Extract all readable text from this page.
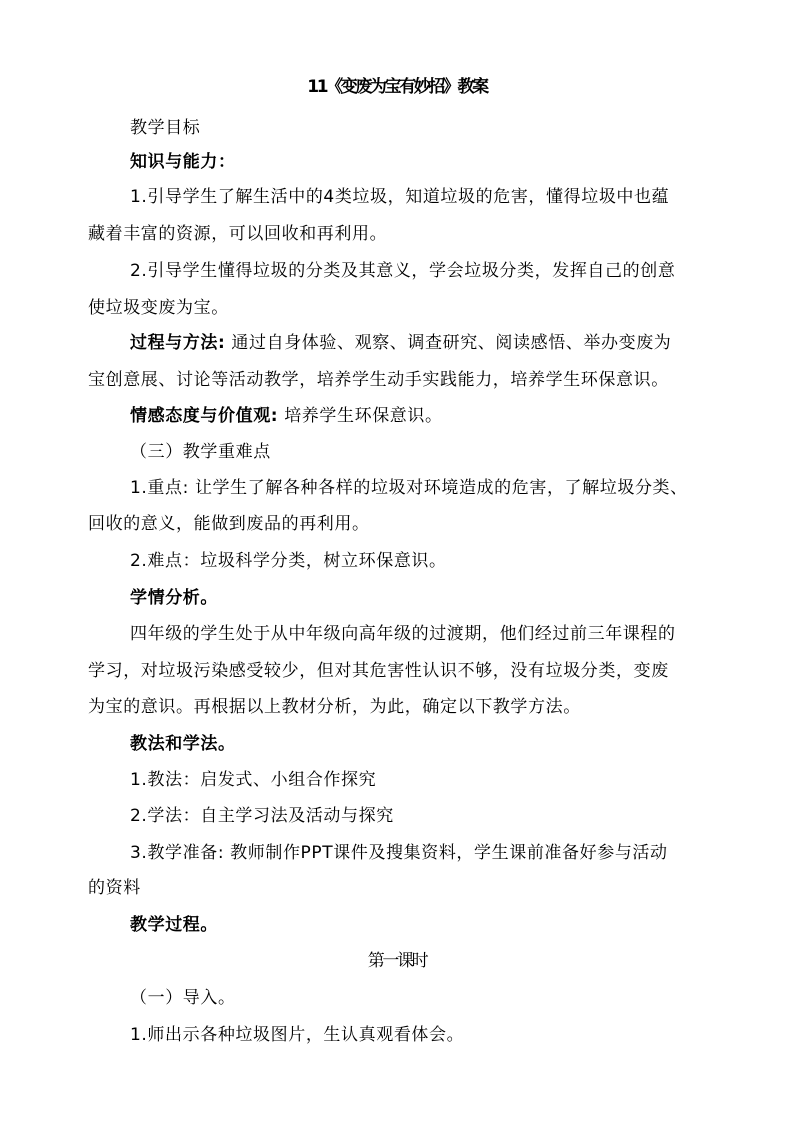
11《变废为宝有妙招》教案
教学目标
知识与能力：
1.引导学生了解生活中的4类垃圾，知道垃圾的危害，懂得垃圾中也蕴
藏着丰富的资源，可以回收和再利用。
2.引导学生懂得垃圾的分类及其意义，学会垃圾分类，发挥自己的创意
使垃圾变废为宝。
过程与方法: 通过自身体验、观察、调查研究、阅读感悟、举办变废为
宝创意展、讨论等活动教学，培养学生动手实践能力，培养学生环保意识。
情感态度与价值观: 培养学生环保意识。
（三）教学重难点
1.重点: 让学生了解各种各样的垃圾对环境造成的危害，了解垃圾分类、
回收的意义，能做到废品的再利用。
2.难点：垃圾科学分类，树立环保意识。
学情分析。
四年级的学生处于从中年级向高年级的过渡期，他们经过前三年课程的
学习，对垃圾污染感受较少，但对其危害性认识不够，没有垃圾分类，变废
为宝的意识。再根据以上教材分析，为此，确定以下教学方法。
教法和学法。
1.教法：启发式、小组合作探究
2.学法：自主学习法及活动与探究
3.教学准备: 教师制作PPT课件及搜集资料，学生课前准备好参与活动
的资料
教学过程。
第一课时
（一）导入。
1.师出示各种垃圾图片，生认真观看体会。
